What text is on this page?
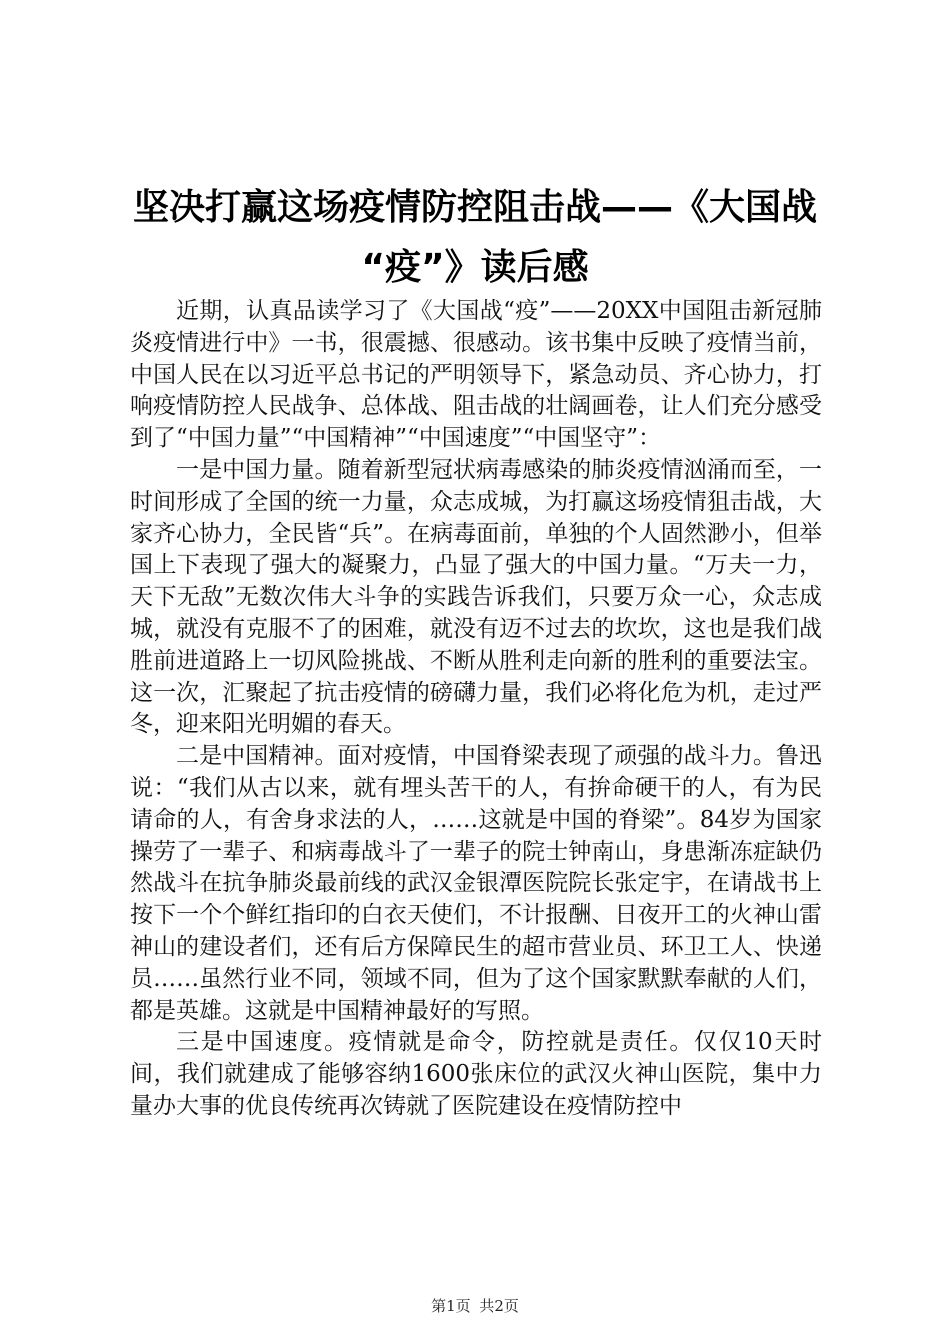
坚决打赢这场疫情防控阻击战——《大国战
“疫”》读后感

近期，认真品读学习了《大国战“疫”——20XX中国阻击新冠肺炎疫情进行中》一书，很震撼、很感动。该书集中反映了疫情当前，中国人民在以习近平总书记的严明领导下，紧急动员、齐心协力，打响疫情防控人民战争、总体战、阻击战的壮阔画卷，让人们充分感受到了“中国力量”“中国精神”“中国速度”“中国坚守”：

一是中国力量。随着新型冠状病毒感染的肺炎疫情汹涌而至，一时间形成了全国的统一力量，众志成城，为打赢这场疫情狙击战，大家齐心协力，全民皆“兵”。在病毒面前，单独的个人固然渺小，但举国上下表现了强大的凝聚力，凸显了强大的中国力量。“万夫一力，天下无敌”无数次伟大斗争的实践告诉我们，只要万众一心，众志成城，就没有克服不了的困难，就没有迈不过去的坎坎，这也是我们战胜前进道路上一切风险挑战、不断从胜利走向新的胜利的重要法宝。这一次，汇聚起了抗击疫情的磅礴力量，我们必将化危为机，走过严冬，迎来阳光明媚的春天。

二是中国精神。面对疫情，中国脊梁表现了顽强的战斗力。鲁迅说：“我们从古以来，就有埋头苦干的人，有拚命硬干的人，有为民请命的人，有舍身求法的人，……这就是中国的脊梁”。84岁为国家操劳了一辈子、和病毒战斗了一辈子的院士钟南山，身患渐冻症缺仍然战斗在抗争肺炎最前线的武汉金银潭医院院长张定宇，在请战书上按下一个个鲜红指印的白衣天使们，不计报酬、日夜开工的火神山雷神山的建设者们，还有后方保障民生的超市营业员、环卫工人、快递员……虽然行业不同，领域不同，但为了这个国家默默奉献的人们，都是英雄。这就是中国精神最好的写照。

三是中国速度。疫情就是命令，防控就是责任。仅仅10天时间，我们就建成了能够容纳1600张床位的武汉火神山医院，集中力量办大事的优良传统再次铸就了医院建设在疫情防控中

第1页 共2页
